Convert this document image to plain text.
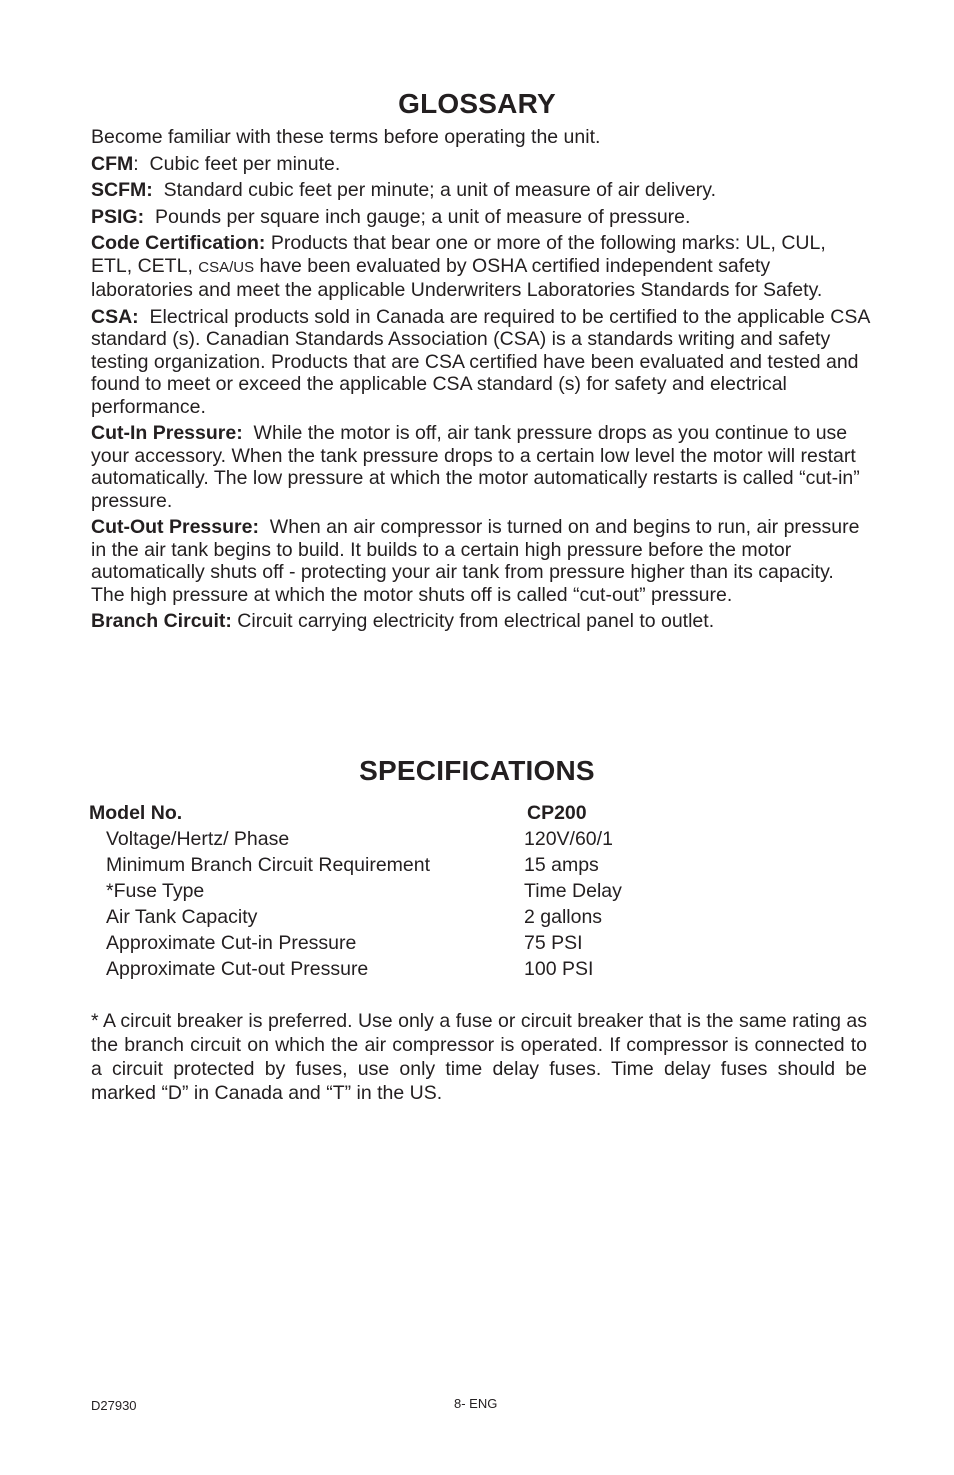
GLOSSARY

Become familiar with these terms before operating the unit.

CFM:  Cubic feet per minute.

SCFM: Standard cubic feet per minute; a unit of measure of air delivery.

PSIG: Pounds per square inch gauge; a unit of measure of pressure.

Code Certification: Products that bear one or more of the following marks: UL, CUL, ETL, CETL, CSA/US have been evaluated by OSHA certified independent safety laboratories and meet the applicable Underwriters Laboratories Standards for Safety.

CSA: Electrical products sold in Canada are required to be certified to the applicable CSA standard (s). Canadian Standards Association (CSA) is a standards writing and safety testing organization. Products that are CSA certified have been evaluated and tested and found to meet or exceed the applicable CSA standard (s) for safety and electrical performance.

Cut-In Pressure: While the motor is off, air tank pressure drops as you continue to use your accessory. When the tank pressure drops to a certain low level the motor will restart automatically. The low pressure at which the motor automatically restarts is called “cut-in” pressure.

Cut-Out Pressure: When an air compressor is turned on and begins to run, air pressure in the air tank begins to build. It builds to a certain high pressure before the motor automatically shuts off - protecting your air tank from pressure higher than its capacity. The high pressure at which the motor shuts off is called “cut-out” pressure.

Branch Circuit: Circuit carrying electricity from electrical panel to outlet.

SPECIFICATIONS
Model No.	CP200
Voltage/Hertz/ Phase	120V/60/1
Minimum Branch Circuit Requirement	15 amps
*Fuse Type	Time Delay
Air Tank Capacity	2 gallons
Approximate Cut-in Pressure	75 PSI
Approximate Cut-out Pressure	100 PSI

* A circuit breaker is preferred. Use only a fuse or circuit breaker that is the same rating as the branch circuit on which the air compressor is operated. If compressor is connected to a circuit protected by fuses, use only time delay fuses. Time delay fuses should be marked “D” in Canada and “T” in the US.

D27930	8- ENG
